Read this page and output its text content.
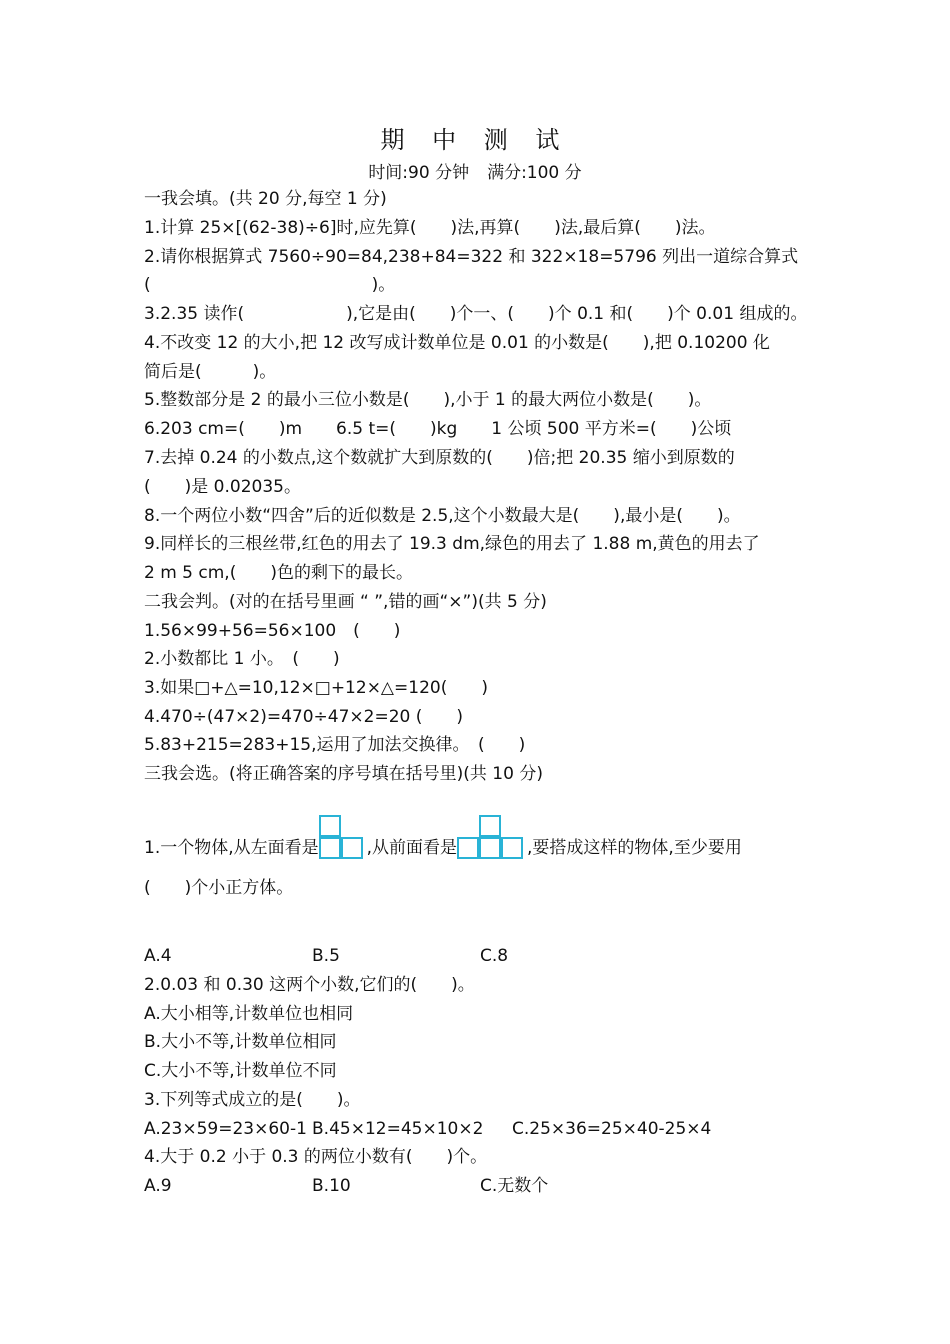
期 中 测 试
时间:90 分钟 满分:100 分
一我会填。(共 20 分,每空 1 分)
1.计算 25×[(62-38)÷6]时,应先算(　　)法,再算(　　)法,最后算(　　)法。
2.请你根据算式 7560÷90=84,238+84=322 和 322×18=5796 列出一道综合算式
(　　　　　　　　　　　　　)。
3.2.35 读作(　　　　　　),它是由(　　)个一、(　　)个 0.1 和(　　)个 0.01 组成的。
4.不改变 12 的大小,把 12 改写成计数单位是 0.01 的小数是(　　),把 0.10200 化
简后是(　　　)。
5.整数部分是 2 的最小三位小数是(　　),小于 1 的最大两位小数是(　　)。
6.203 cm=(　　)m　　6.5 t=(　　)kg　　1 公顷 500 平方米=(　　)公顷
7.去掉 0.24 的小数点,这个数就扩大到原数的(　　)倍;把 20.35 缩小到原数的
(　　)是 0.02035。
8.一个两位小数“四舍”后的近似数是 2.5,这个小数最大是(　　),最小是(　　)。
9.同样长的三根丝带,红色的用去了 19.3 dm,绿色的用去了 1.88 m,黄色的用去了
2 m 5 cm,(　　)色的剩下的最长。
二我会判。(对的在括号里画 “ ”,错的画“×”)(共 5 分)
1.56×99+56=56×100　(　　)
2.小数都比 1 小。　(　　)
3.如果□+△=10,12×□+12×△=120(　　)
4.470÷(47×2)=470÷47×2=20 (　　)
5.83+215=283+15,运用了加法交换律。　(　　)
三我会选。(将正确答案的序号填在括号里)(共 10 分)
1.一个物体,从左面看是	,从前面看是	,要搭成这样的物体,至少要用
(　　)个小正方体。
A.4	B.5	C.8
2.0.03 和 0.30 这两个小数,它们的(　　)。
A.大小相等,计数单位也相同
B.大小不等,计数单位相同
C.大小不等,计数单位不同
3.下列等式成立的是(　　)。
A.23×59=23×60-1 B.45×12=45×10×2 C.25×36=25×40-25×4
4.大于 0.2 小于 0.3 的两位小数有(　　)个。
A.9	B.10	C.无数个
